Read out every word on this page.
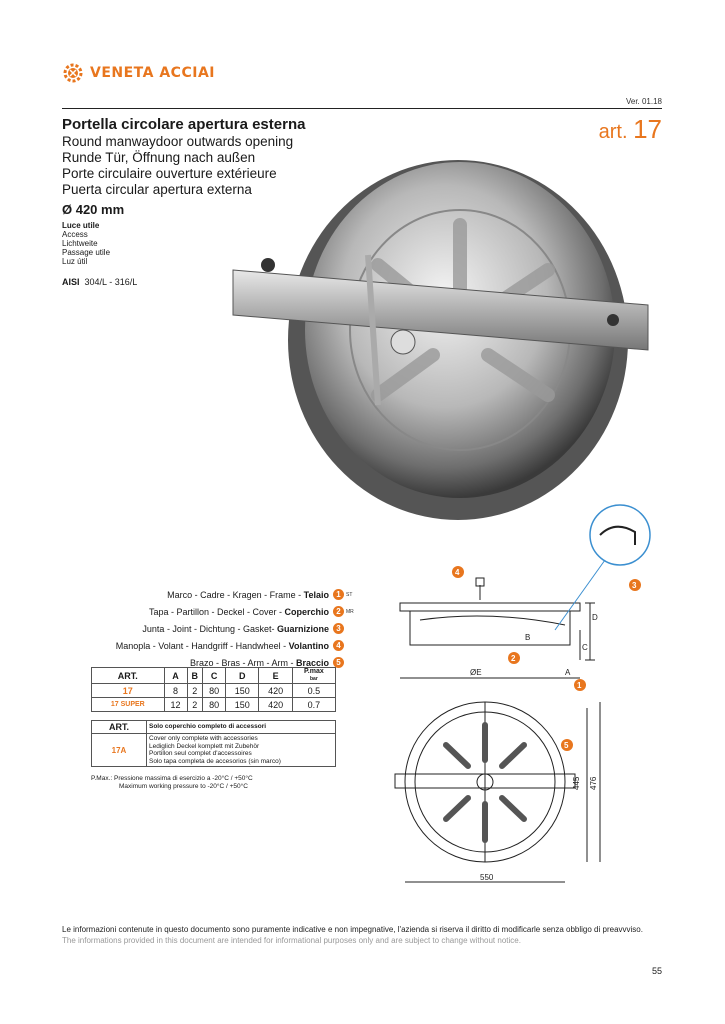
VENETA ACCIAI
Ver. 01.18
art. 17
Portella circolare apertura esterna
Round manwaydoor outwards opening
Runde Tür, Öffnung nach außen
Porte circulaire ouverture extérieure
Puerta circular apertura externa
Ø 420 mm
Luce utile
Access
Lichtweite
Passage utile
Luz útil
AISI 304/L - 316/L
ØE	A
B
C
D
550
445 476
4
2
3
1
5
Marco - Cadre - Kragen - Frame - Telaio 1	ST
Tapa - Partillon - Deckel - Cover - Coperchio 2	MR
Junta - Joint - Dichtung - Gasket- Guarnizione 3
Manopla - Volant - Handgriff - Handwheel - Volantino 4
Brazo - Bras - Arm - Arm - Braccio 5
ART.	A	B	C	D	E	P.max
bar
17	8	2	80	150	420	0.5
17 SUPER	12	2	80	150	420	0.7
ART.	Solo coperchio completo di accessori
17A	Cover only complete with accessories
Lediglich Deckel komplett mit Zubehör
Portillon seul complet d'accessoires
Solo tapa completa de accesorios (sin marco)
P.Max.: Pressione massima di esercizio a -20°C / +50°C
Maximum working pressure to -20°C / +50°C
Le informazioni contenute in questo documento sono puramente indicative e non impegnative, l'azienda si riserva il diritto di modificarle senza obbligo di preavvviso.
The informations provided in this document are intended for informational purposes only and are subject to change without notice.
55
